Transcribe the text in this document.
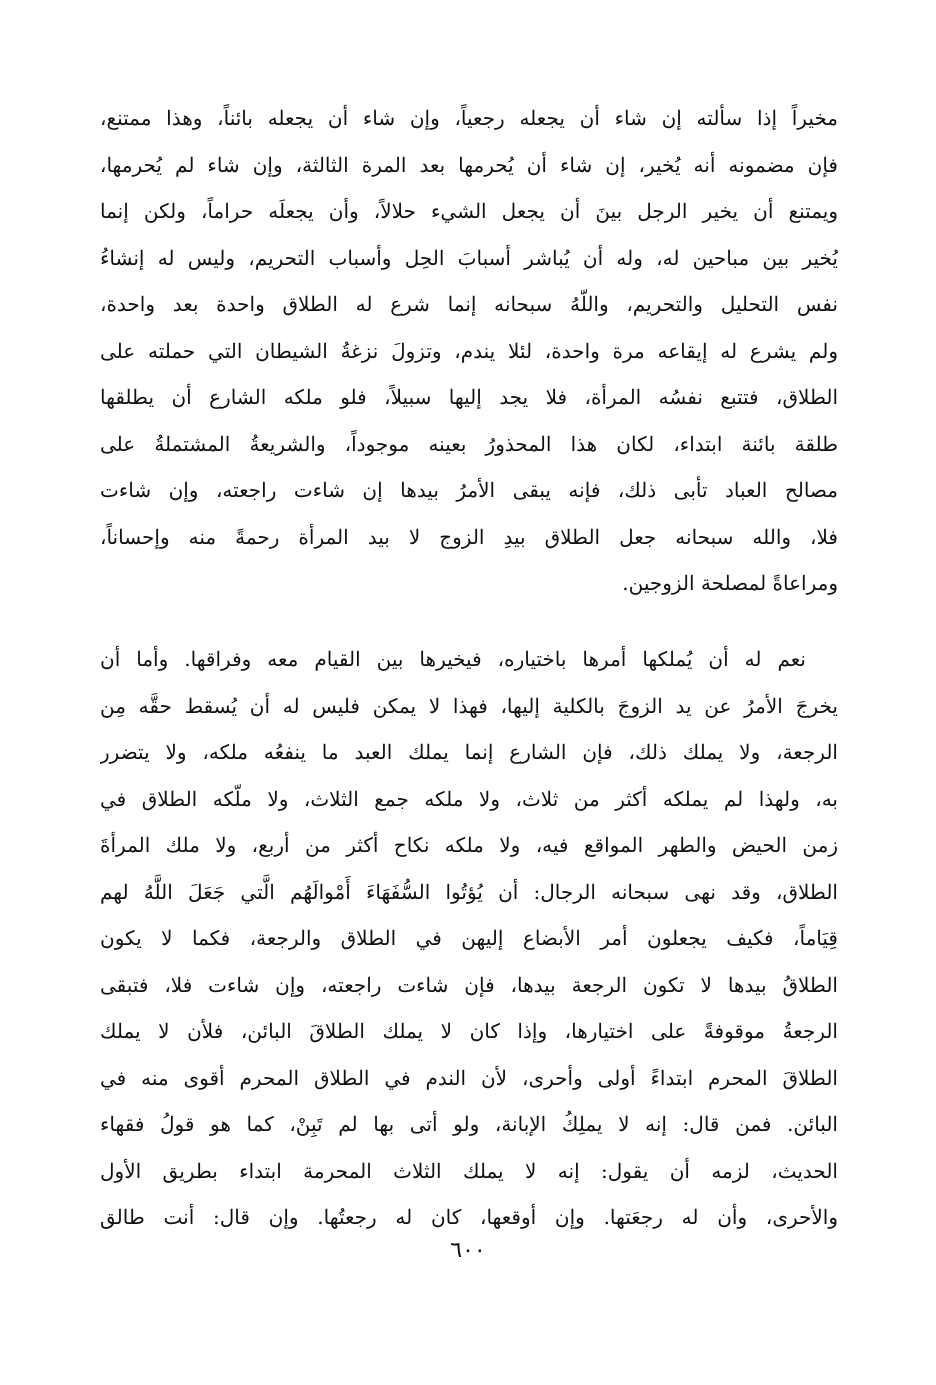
مخيراً إذا سألته إن شاء أن يجعله رجعياً، وإن شاء أن يجعله بائناً، وهذا ممتنع،
فإن مضمونه أنه يُخير، إن شاء أن يُحرمها بعد المرة الثالثة، وإن شاء لم يُحرمها،
ويمتنع أن يخير الرجل بينَ أن يجعل الشيء حلالاً، وأن يجعلَه حراماً، ولكن إنما
يُخير بين مباحين له، وله أن يُباشر أسبابَ الحِل وأسباب التحريم، وليس له إنشاءُ
نفس التحليل والتحريم، واللّهُ سبحانه إنما شرع له الطلاق واحدة بعد واحدة،
ولم يشرع له إيقاعه مرة واحدة، لئلا يندم، وتزولَ نزغةُ الشيطان التي حملته على
الطلاق، فتتبع نفسُه المرأة، فلا يجد إليها سبيلاً، فلو ملكه الشارع أن يطلقها
طلقة بائنة ابتداء، لكان هذا المحذورُ بعينه موجوداً، والشريعةُ المشتملةُ على
مصالح العباد تأبى ذلك، فإنه يبقى الأمرُ بيدها إن شاءت راجعته، وإن شاءت
فلا، والله سبحانه جعل الطلاق بيدِ الزوج لا بيد المرأة رحمةً منه وإحساناً،
ومراعاةً لمصلحة الزوجين.
نعم له أن يُملكها أمرها باختياره، فيخيرها بين القيام معه وفراقها. وأما أن
يخرجَ الأمرُ عن يد الزوجَ بالكلية إليها، فهذا لا يمكن فليس له أن يُسقط حقَّه مِن
الرجعة، ولا يملك ذلك، فإن الشارع إنما يملك العبد ما ينفعُه ملكه، ولا يتضرر
به، ولهذا لم يملكه أكثر من ثلاث، ولا ملكه جمع الثلاث، ولا ملّكه الطلاق في
زمن الحيض والطهر المواقع فيه، ولا ملكه نكاح أكثر من أربع، ولا ملك المرأةَ
الطلاق، وقد نهى سبحانه الرجال: أن يُؤتُوا السُّفَهَاءَ أَمْوالَهُم الَّتي جَعَلَ اللَّهُ لهم
قِيَاماً، فكيف يجعلون أمر الأبضاع إليهن في الطلاق والرجعة، فكما لا يكون
الطلاقُ بيدها لا تكون الرجعة بيدها، فإن شاءت راجعته، وإن شاءت فلا، فتبقى
الرجعةُ موقوفةً على اختيارها، وإذا كان لا يملك الطلاقَ البائن، فلأن لا يملك
الطلاقَ المحرم ابتداءً أولى وأحرى، لأن الندم في الطلاق المحرم أقوى منه في
البائن. فمن قال: إنه لا يملِكُ الإبانة، ولو أتى بها لم تَبِنْ، كما هو قولُ فقهاء
الحديث، لزمه أن يقول: إنه لا يملك الثلاث المحرمة ابتداء بطريق الأول
والأحرى، وأن له رجعَتها. وإن أوقعها، كان له رجعتُها. وإن قال: أنت طالق
٦٠٠
